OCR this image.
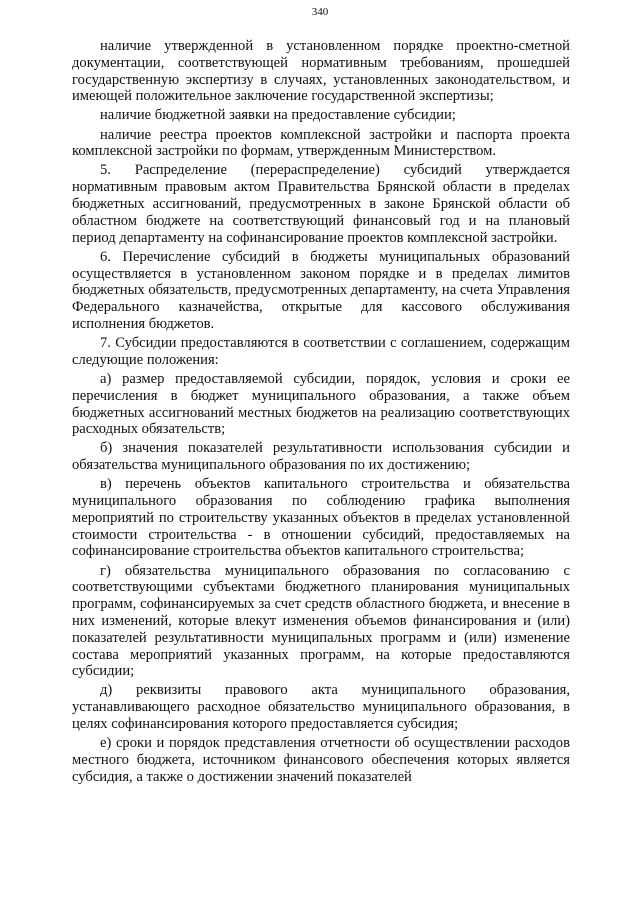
340

наличие утвержденной в установленном порядке проектно-сметной документации, соответствующей нормативным требованиям, прошедшей государственную экспертизу в случаях, установленных законодательством, и имеющей положительное заключение государственной экспертизы;

наличие бюджетной заявки на предоставление субсидии;

наличие реестра проектов комплексной застройки и паспорта проекта комплексной застройки по формам, утвержденным Министерством.

5. Распределение (перераспределение) субсидий утверждается нормативным правовым актом Правительства Брянской области в пределах бюджетных ассигнований, предусмотренных в законе Брянской области об областном бюджете на соответствующий финансовый год и на плановый период департаменту на софинансирование проектов комплексной застройки.

6. Перечисление субсидий в бюджеты муниципальных образований осуществляется в установленном законом порядке и в пределах лимитов бюджетных обязательств, предусмотренных департаменту, на счета Управления Федерального казначейства, открытые для кассового обслуживания исполнения бюджетов.

7. Субсидии предоставляются в соответствии с соглашением, содержащим следующие положения:

а) размер предоставляемой субсидии, порядок, условия и сроки ее перечисления в бюджет муниципального образования, а также объем бюджетных ассигнований местных бюджетов на реализацию соответствующих расходных обязательств;

б) значения показателей результативности использования субсидии и обязательства муниципального образования по их достижению;

в) перечень объектов капитального строительства и обязательства муниципального образования по соблюдению графика выполнения мероприятий по строительству указанных объектов в пределах установленной стоимости строительства - в отношении субсидий, предоставляемых на софинансирование строительства объектов капитального строительства;

г) обязательства муниципального образования по согласованию с соответствующими субъектами бюджетного планирования муниципальных программ, софинансируемых за счет средств областного бюджета, и внесение в них изменений, которые влекут изменения объемов финансирования и (или) показателей результативности муниципальных программ и (или) изменение состава мероприятий указанных программ, на которые предоставляются субсидии;

д) реквизиты правового акта муниципального образования, устанавливающего расходное обязательство муниципального образования, в целях софинансирования которого предоставляется субсидия;

е) сроки и порядок представления отчетности об осуществлении расходов местного бюджета, источником финансового обеспечения которых является субсидия, а также о достижении значений показателей
